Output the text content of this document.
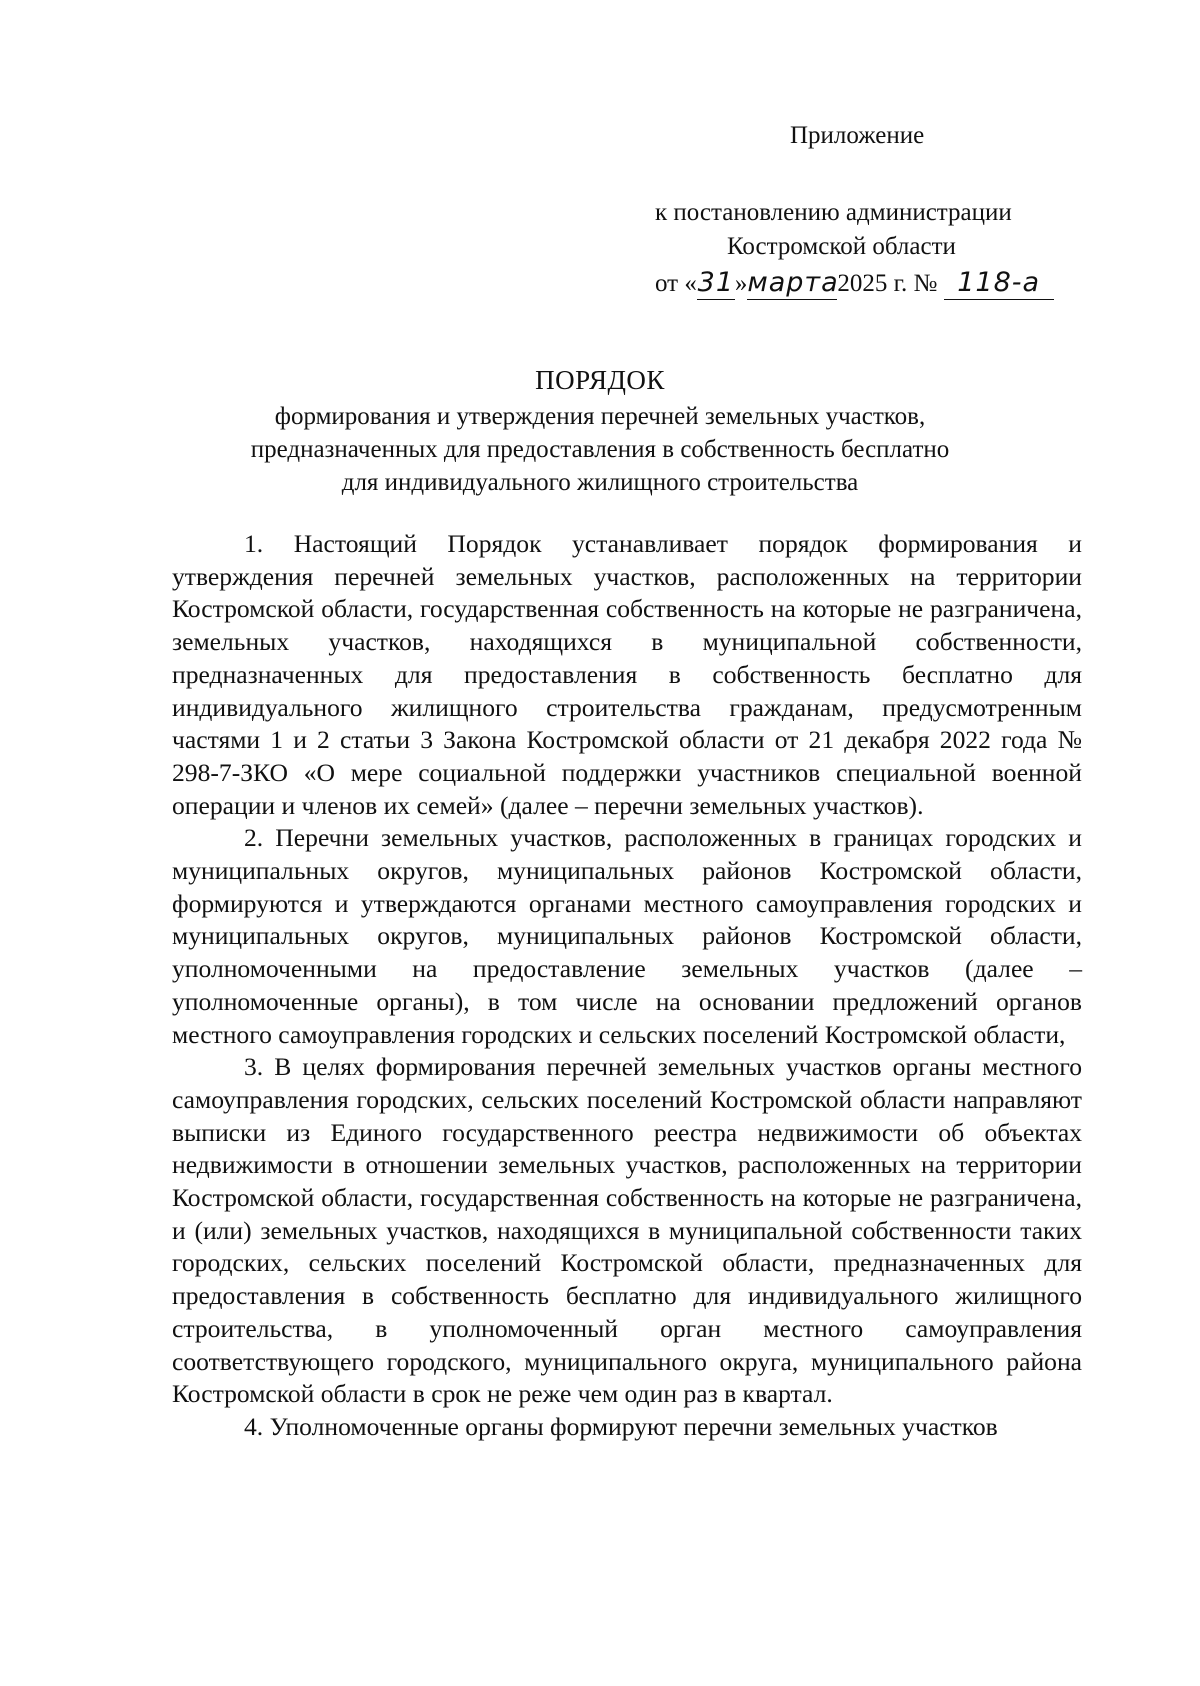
Приложение
к постановлению администрации
Костромской области
от «31»марта2025 г. № 118-а
ПОРЯДОК
формирования и утверждения перечней земельных участков,
предназначенных для предоставления в собственность бесплатно
для индивидуального жилищного строительства

1. Настоящий Порядок устанавливает порядок формирования и утверждения перечней земельных участков, расположенных на территории Костромской области, государственная собственность на которые не разграничена, земельных участков, находящихся в муниципальной собственности, предназначенных для предоставления в собственность бесплатно для индивидуального жилищного строительства гражданам, предусмотренным частями 1 и 2 статьи 3 Закона Костромской области от 21 декабря 2022 года № 298-7-ЗКО «О мере социальной поддержки участников специальной военной операции и членов их семей» (далее – перечни земельных участков).

2. Перечни земельных участков, расположенных в границах городских и муниципальных округов, муниципальных районов Костромской области, формируются и утверждаются органами местного самоуправления городских и муниципальных округов, муниципальных районов Костромской области, уполномоченными на предоставление земельных участков (далее – уполномоченные органы), в том числе на основании предложений органов местного самоуправления городских и сельских поселений Костромской области,

3. В целях формирования перечней земельных участков органы местного самоуправления городских, сельских поселений Костромской области направляют выписки из Единого государственного реестра недвижимости об объектах недвижимости в отношении земельных участков, расположенных на территории Костромской области, государственная собственность на которые не разграничена, и (или) земельных участков, находящихся в муниципальной собственности таких городских, сельских поселений Костромской области, предназначенных для предоставления в собственность бесплатно для индивидуального жилищного строительства, в уполномоченный орган местного самоуправления соответствующего городского, муниципального округа, муниципального района Костромской области в срок не реже чем один раз в квартал.

4. Уполномоченные органы формируют перечни земельных участков
